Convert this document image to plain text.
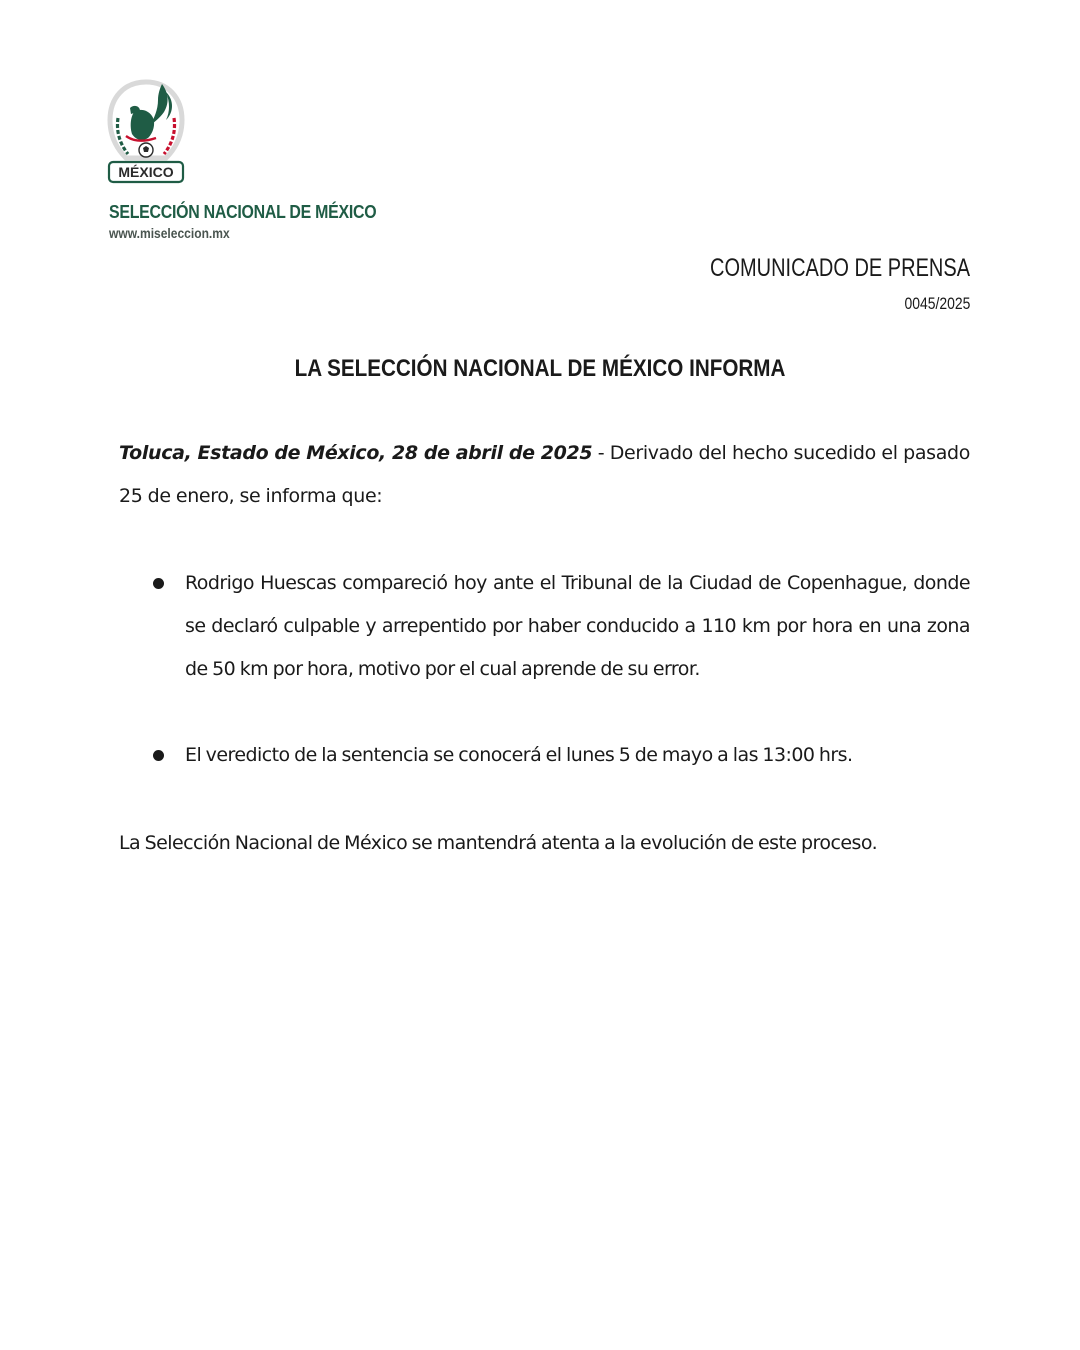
MÉXICO
SELECCIÓN NACIONAL DE MÉXICO
www.miseleccion.mx
COMUNICADO DE PRENSA
0045/2025
LA SELECCIÓN NACIONAL DE MÉXICO INFORMA

Toluca, Estado de México, 28 de abril de 2025 - Derivado del hecho sucedido el pasado 25 de enero, se informa que:

Rodrigo Huescas compareció hoy ante el Tribunal de la Ciudad de Copenhague, donde se declaró culpable y arrepentido por haber conducido a 110 km por hora en una zona de 50 km por hora, motivo por el cual aprende de su error.
El veredicto de la sentencia se conocerá el lunes 5 de mayo a las 13:00 hrs.

La Selección Nacional de México se mantendrá atenta a la evolución de este proceso.
